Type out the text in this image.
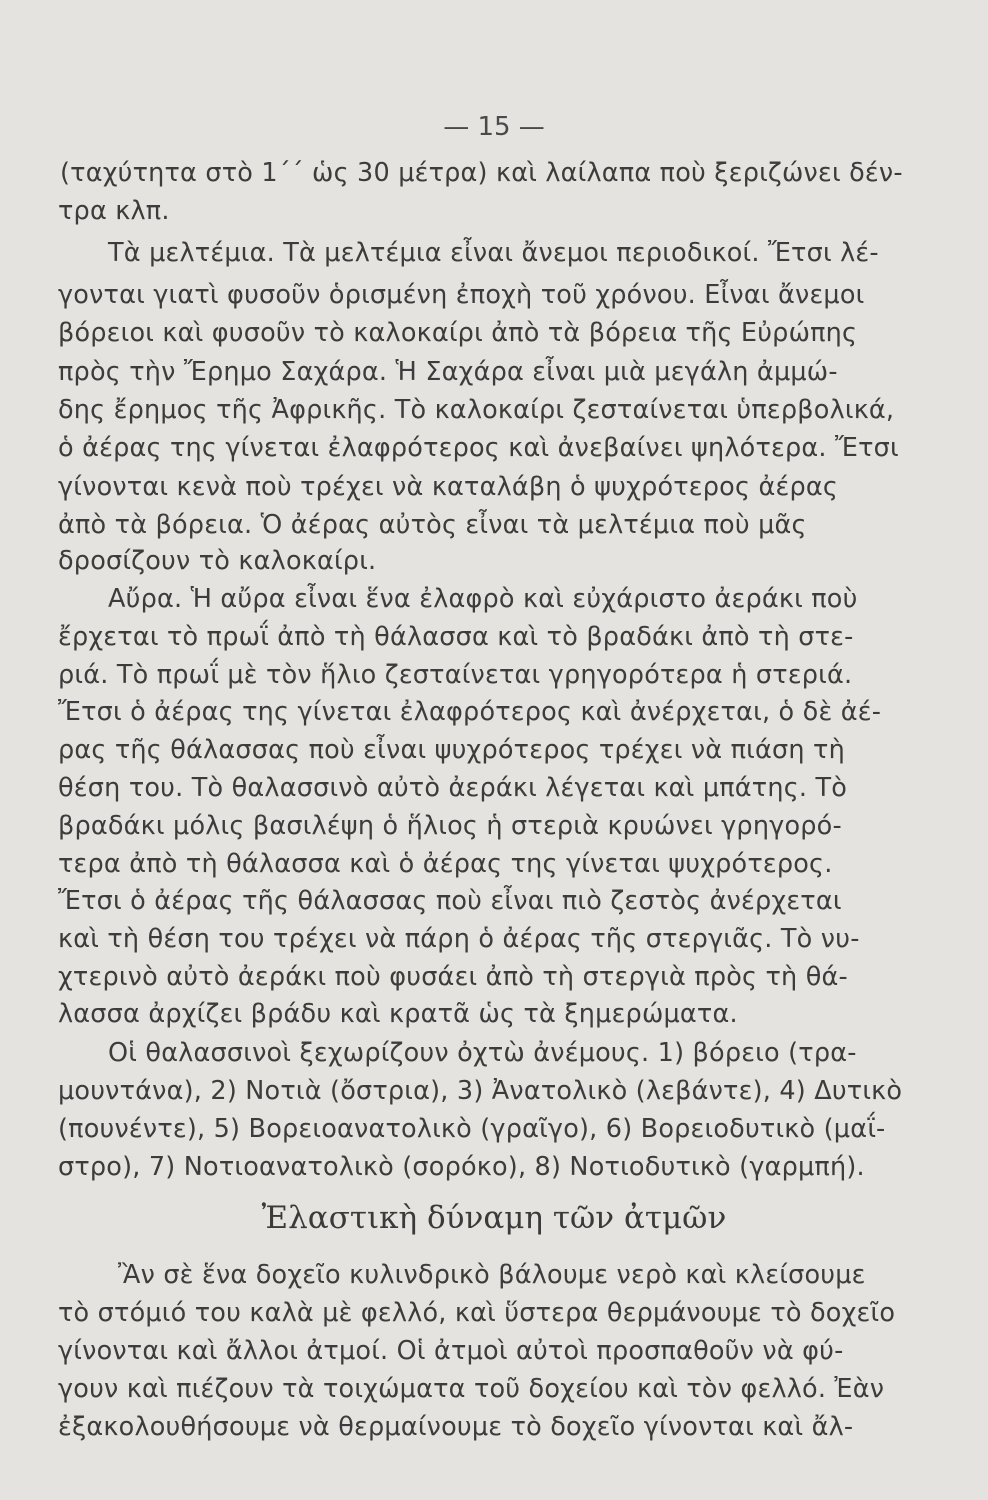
— 15 —
(ταχύτητα στὸ 1΄΄ ὡς 30 μέτρα) καὶ λαίλαπα ποὺ ξεριζώνει δέν-
τρα κλπ.
Τὰ μελτέμια. Τὰ μελτέμια εἶναι ἄνεμοι περιοδικοί. Ἔτσι λέ-
γονται γιατὶ φυσοῦν ὁρισμένη ἐποχὴ τοῦ χρόνου. Εἶναι ἄνεμοι
βόρειοι καὶ φυσοῦν τὸ καλοκαίρι ἀπὸ τὰ βόρεια τῆς Εὐρώπης
πρὸς τὴν Ἔρημο Σαχάρα. Ἡ Σαχάρα εἶναι μιὰ μεγάλη ἀμμώ-
δης ἔρημος τῆς Ἀφρικῆς. Τὸ καλοκαίρι ζεσταίνεται ὑπερβολικά,
ὁ ἀέρας της γίνεται ἐλαφρότερος καὶ ἀνεβαίνει ψηλότερα. Ἔτσι
γίνονται κενὰ ποὺ τρέχει νὰ καταλάβη ὁ ψυχρότερος ἀέρας
ἀπὸ τὰ βόρεια. Ὁ ἀέρας αὐτὸς εἶναι τὰ μελτέμια ποὺ μᾶς
δροσίζουν τὸ καλοκαίρι.
Αὔρα. Ἡ αὔρα εἶναι ἕνα ἐλαφρὸ καὶ εὐχάριστο ἀεράκι ποὺ
ἔρχεται τὸ πρωΐ ἀπὸ τὴ θάλασσα καὶ τὸ βραδάκι ἀπὸ τὴ στε-
ριά. Τὸ πρωΐ μὲ τὸν ἥλιο ζεσταίνεται γρηγορότερα ἡ στεριά.
Ἔτσι ὁ ἀέρας της γίνεται ἐλαφρότερος καὶ ἀνέρχεται, ὁ δὲ ἀέ-
ρας τῆς θάλασσας ποὺ εἶναι ψυχρότερος τρέχει νὰ πιάση τὴ
θέση του. Τὸ θαλασσινὸ αὐτὸ ἀεράκι λέγεται καὶ μπάτης. Τὸ
βραδάκι μόλις βασιλέψη ὁ ἥλιος ἡ στεριὰ κρυώνει γρηγορό-
τερα ἀπὸ τὴ θάλασσα καὶ ὁ ἀέρας της γίνεται ψυχρότερος.
Ἔτσι ὁ ἀέρας τῆς θάλασσας ποὺ εἶναι πιὸ ζεστὸς ἀνέρχεται
καὶ τὴ θέση του τρέχει νὰ πάρη ὁ ἀέρας τῆς στεργιᾶς. Τὸ νυ-
χτερινὸ αὐτὸ ἀεράκι ποὺ φυσάει ἀπὸ τὴ στεργιὰ πρὸς τὴ θά-
λασσα ἀρχίζει βράδυ καὶ κρατᾶ ὡς τὰ ξημερώματα.
Οἱ θαλασσινοὶ ξεχωρίζουν ὀχτὼ ἀνέμους. 1) βόρειο (τρα-
μουντάνα), 2) Νοτιὰ (ὄστρια), 3) Ἀνατολικὸ (λεβάντε), 4) Δυτικὸ
(πουνέντε), 5) Βορειοανατολικὸ (γραῖγο), 6) Βορειοδυτικὸ (μαΐ-
στρο), 7) Νοτιοανατολικὸ (σορόκο), 8) Νοτιοδυτικὸ (γαρμπή).
Ἐλαστικὴ δύναμη τῶν ἀτμῶν
Ἂν σὲ ἕνα δοχεῖο κυλινδρικὸ βάλουμε νερὸ καὶ κλείσουμε
τὸ στόμιό του καλὰ μὲ φελλό, καὶ ὕστερα θερμάνουμε τὸ δοχεῖο
γίνονται καὶ ἄλλοι ἀτμοί. Οἱ ἀτμοὶ αὐτοὶ προσπαθοῦν νὰ φύ-
γουν καὶ πιέζουν τὰ τοιχώματα τοῦ δοχείου καὶ τὸν φελλό. Ἐὰν
ἐξακολουθήσουμε νὰ θερμαίνουμε τὸ δοχεῖο γίνονται καὶ ἄλ-
